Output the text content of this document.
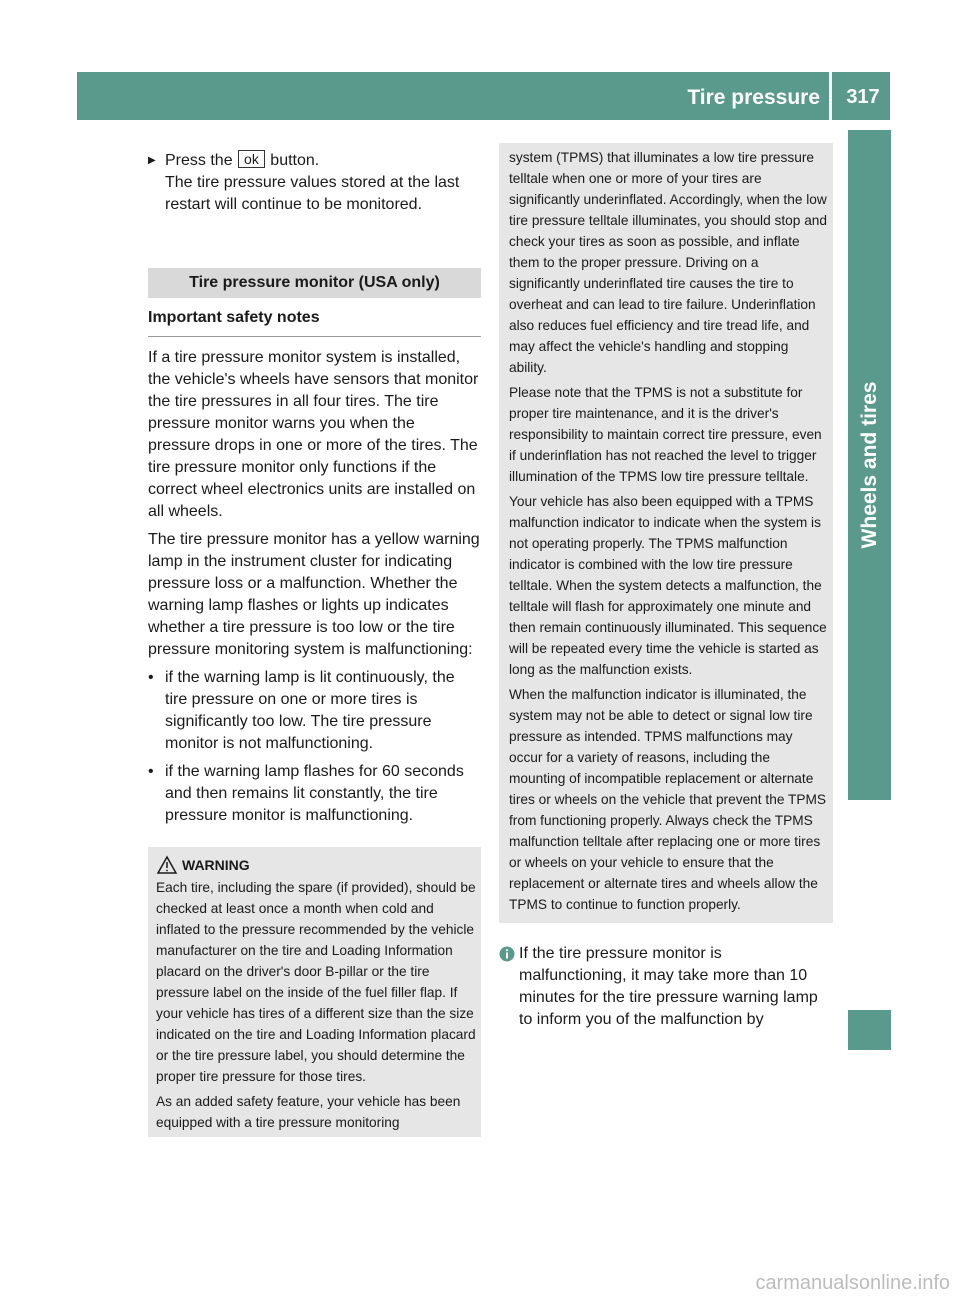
Tire pressure	317
Wheels and tires
▶ Press the ok button.

The tire pressure values stored at the last restart will continue to be monitored.

Tire pressure monitor (USA only)
Important safety notes

If a tire pressure monitor system is installed, the vehicle's wheels have sensors that monitor the tire pressures in all four tires. The tire pressure monitor warns you when the pressure drops in one or more of the tires. The tire pressure monitor only functions if the correct wheel electronics units are installed on all wheels.

The tire pressure monitor has a yellow warning lamp in the instrument cluster for indicating pressure loss or a malfunction. Whether the warning lamp flashes or lights up indicates whether a tire pressure is too low or the tire pressure monitoring system is malfunctioning:

• if the warning lamp is lit continuously, the tire pressure on one or more tires is significantly too low. The tire pressure monitor is not malfunctioning.
• if the warning lamp flashes for 60 seconds and then remains lit constantly, the tire pressure monitor is malfunctioning.
WARNING

Each tire, including the spare (if provided), should be checked at least once a month when cold and inflated to the pressure recommended by the vehicle manufacturer on the tire and Loading Information placard on the driver's door B-pillar or the tire pressure label on the inside of the fuel filler flap. If your vehicle has tires of a different size than the size indicated on the tire and Loading Information placard or the tire pressure label, you should determine the proper tire pressure for those tires.

As an added safety feature, your vehicle has been equipped with a tire pressure monitoring

system (TPMS) that illuminates a low tire pressure telltale when one or more of your tires are significantly underinflated. Accordingly, when the low tire pressure telltale illuminates, you should stop and check your tires as soon as possible, and inflate them to the proper pressure. Driving on a significantly underinflated tire causes the tire to overheat and can lead to tire failure. Underinflation also reduces fuel efficiency and tire tread life, and may affect the vehicle's handling and stopping ability.

Please note that the TPMS is not a substitute for proper tire maintenance, and it is the driver's responsibility to maintain correct tire pressure, even if underinflation has not reached the level to trigger illumination of the TPMS low tire pressure telltale.

Your vehicle has also been equipped with a TPMS malfunction indicator to indicate when the system is not operating properly. The TPMS malfunction indicator is combined with the low tire pressure telltale. When the system detects a malfunction, the telltale will flash for approximately one minute and then remain continuously illuminated. This sequence will be repeated every time the vehicle is started as long as the malfunction exists.

When the malfunction indicator is illuminated, the system may not be able to detect or signal low tire pressure as intended. TPMS malfunctions may occur for a variety of reasons, including the mounting of incompatible replacement or alternate tires or wheels on the vehicle that prevent the TPMS from functioning properly. Always check the TPMS malfunction telltale after replacing one or more tires or wheels on your vehicle to ensure that the replacement or alternate tires and wheels allow the TPMS to continue to function properly.

If the tire pressure monitor is malfunctioning, it may take more than 10 minutes for the tire pressure warning lamp to inform you of the malfunction by

carmanualsonline.info
